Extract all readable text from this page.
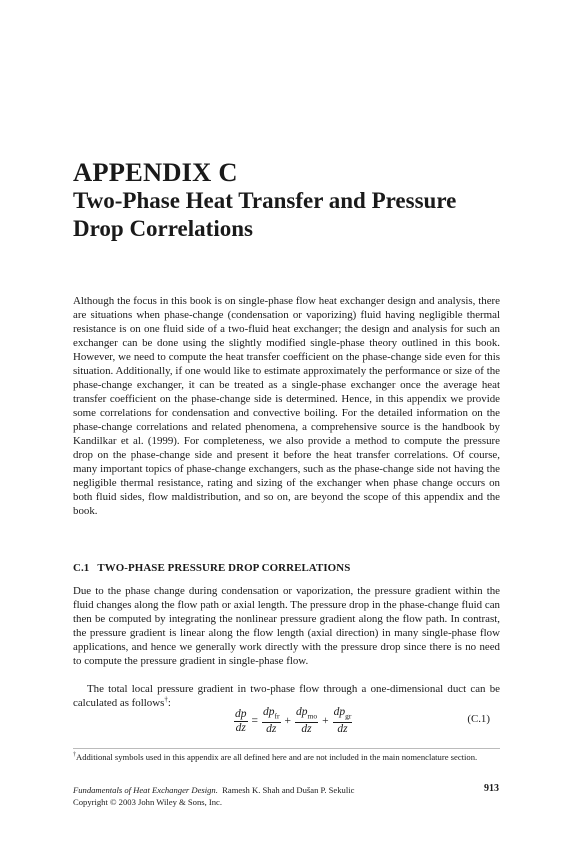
APPENDIX C
Two-Phase Heat Transfer and Pressure
Drop Correlations

Although the focus in this book is on single-phase flow heat exchanger design and analysis, there are situations when phase-change (condensation or vaporizing) fluid having negligible thermal resistance is on one fluid side of a two-fluid heat exchanger; the design and analysis for such an exchanger can be done using the slightly modified single-phase theory outlined in this book. However, we need to compute the heat transfer coefficient on the phase-change side even for this situation. Additionally, if one would like to estimate approximately the performance or size of the phase-change exchanger, it can be treated as a single-phase exchanger once the average heat transfer coefficient on the phase-change side is determined. Hence, in this appendix we provide some correlations for condensation and convective boiling. For the detailed information on the phase-change correlations and related phenomena, a comprehensive source is the handbook by Kandilkar et al. (1999). For completeness, we also provide a method to compute the pressure drop on the phase-change side and present it before the heat transfer correlations. Of course, many important topics of phase-change exchangers, such as the phase-change side not having the negligible thermal resistance, rating and sizing of the exchanger when phase change occurs on both fluid sides, flow maldistribution, and so on, are beyond the scope of this appendix and the book.

C.1 TWO-PHASE PRESSURE DROP CORRELATIONS

Due to the phase change during condensation or vaporization, the pressure gradient within the fluid changes along the flow path or axial length. The pressure drop in the phase-change fluid can then be computed by integrating the nonlinear pressure gradient along the flow path. In contrast, the pressure gradient is linear along the flow length (axial direction) in many single-phase flow applications, and hence we generally work directly with the pressure drop since there is no need to compute the pressure gradient in single-phase flow.

The total local pressure gradient in two-phase flow through a one-dimensional duct can be calculated as follows†:

$\frac{dp}{dz} = \frac{dp_{fr}}{dz} + \frac{dp_{mo}}{dz} + \frac{dp_{gr}}{dz}$	(C.1)
†Additional symbols used in this appendix are all defined here and are not included in the main nomenclature section.
Fundamentals of Heat Exchanger Design. Ramesh K. Shah and Dušan P. Sekulic
Copyright © 2003 John Wiley & Sons, Inc.
913
